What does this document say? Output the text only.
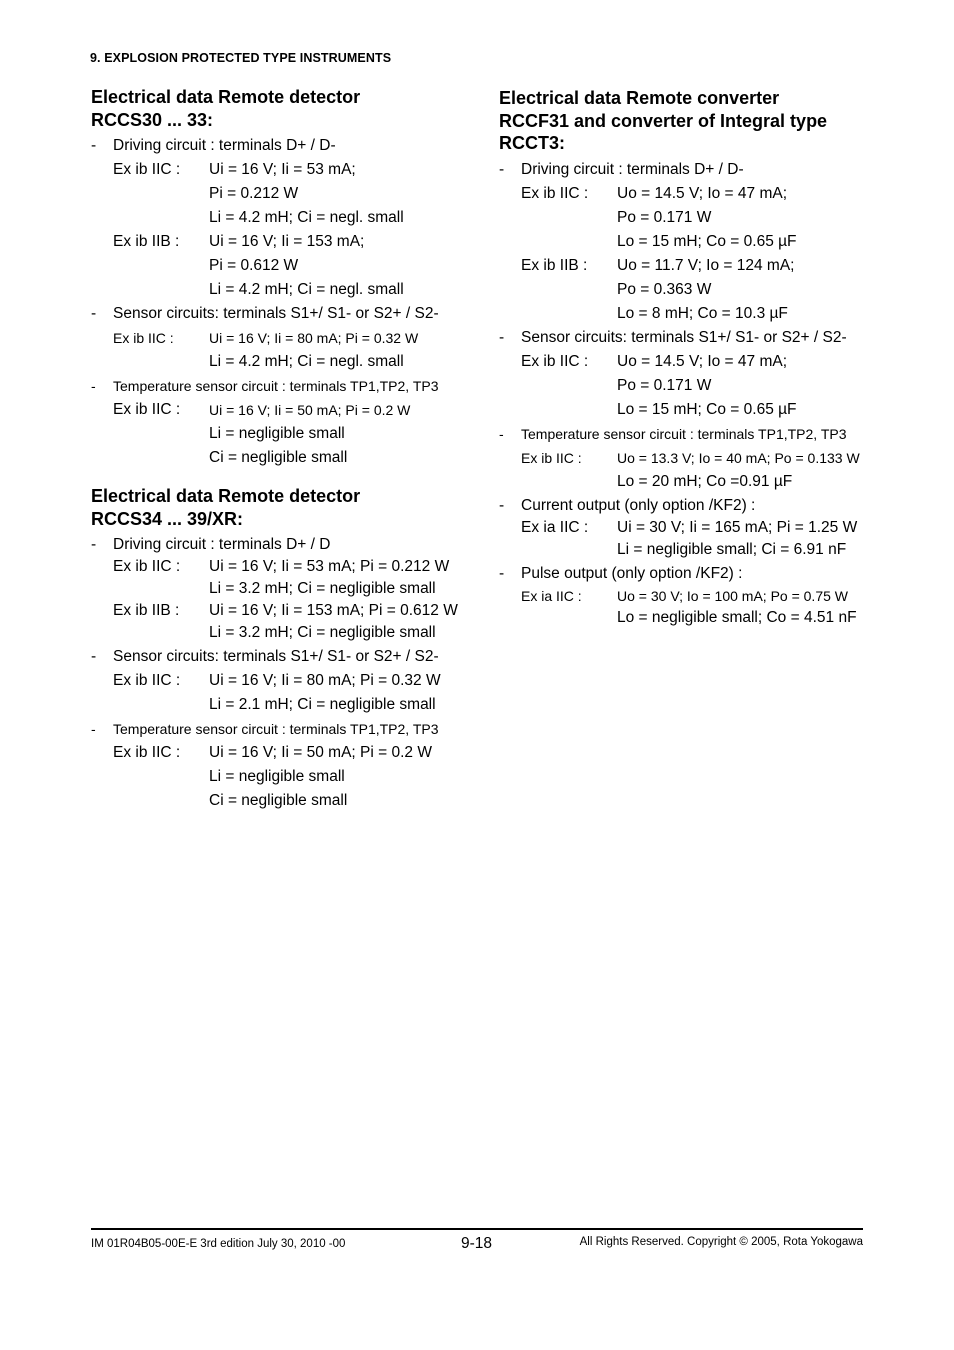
9. EXPLOSION PROTECTED TYPE INSTRUMENTS
Electrical data Remote detector
RCCS30 ... 33:
- Driving circuit : terminals D+ / D-
Ex ib IIC : Ui = 16 V; Ii = 53 mA;
Pi = 0.212 W
Li = 4.2 mH; Ci = negl. small
Ex ib IIB : Ui = 16 V; Ii = 153 mA;
Pi = 0.612 W
Li = 4.2 mH; Ci = negl. small
- Sensor circuits: terminals S1+/ S1- or S2+ / S2-
Ex ib IIC :	Ui = 16 V; Ii = 80 mA; Pi = 0.32 W
Li = 4.2 mH; Ci = negl. small
- Temperature sensor circuit : terminals TP1,TP2, TP3
Ex ib IIC : Ui = 16 V; Ii = 50 mA; Pi = 0.2 W
Li = negligible small
Ci = negligible small
Electrical data Remote detector
RCCS34 ... 39/XR:
- Driving circuit : terminals D+ / D
Ex ib IIC : Ui = 16 V; Ii = 53 mA; Pi = 0.212 W
Li = 3.2 mH; Ci = negligible small
Ex ib IIB : Ui = 16 V; Ii = 153 mA; Pi = 0.612 W
Li = 3.2 mH; Ci = negligible small
- Sensor circuits: terminals S1+/ S1- or S2+ / S2-
Ex ib IIC : Ui = 16 V; Ii = 80 mA; Pi = 0.32 W
Li = 2.1 mH; Ci = negligible small
- Temperature sensor circuit : terminals TP1,TP2, TP3
Ex ib IIC : Ui = 16 V; Ii = 50 mA; Pi = 0.2 W
Li = negligible small
Ci = negligible small
Electrical data Remote converter
RCCF31 and converter of Integral type
RCCT3:
- Driving circuit : terminals D+ / D-
Ex ib IIC : Uo = 14.5 V; Io = 47 mA;
Po = 0.171 W
Lo = 15 mH; Co = 0.65 µF
Ex ib IIB : Uo = 11.7 V; Io = 124 mA;
Po = 0.363 W
Lo = 8 mH; Co = 10.3 µF
- Sensor circuits: terminals S1+/ S1- or S2+ / S2-
Ex ib IIC : Uo = 14.5 V; Io = 47 mA;
Po = 0.171 W
Lo = 15 mH; Co = 0.65 µF
- Temperature sensor circuit : terminals TP1,TP2, TP3
Ex ib IIC :	Uo = 13.3 V; Io = 40 mA; Po = 0.133 W
Lo = 20 mH; Co =0.91 µF
- Current output (only option /KF2) :
Ex ia IIC : Ui = 30 V; Ii = 165 mA; Pi = 1.25 W
Li = negligible small; Ci = 6.91 nF
- Pulse output (only option /KF2) :
Ex ia IIC :	Uo = 30 V; Io = 100 mA; Po = 0.75 W
Lo = negligible small; Co = 4.51 nF
IM 01R04B05-00E-E 3rd edition July 30, 2010 -00	9-18	All Rights Reserved. Copyright © 2005, Rota Yokogawa
